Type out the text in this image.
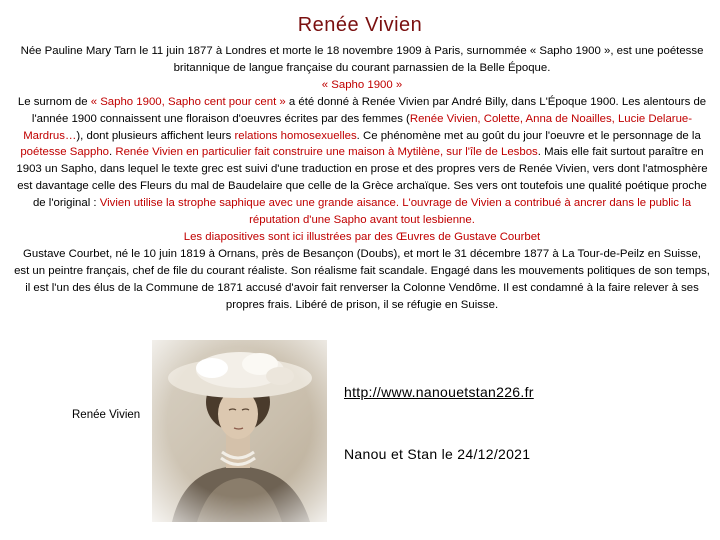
Renée Vivien

Née Pauline Mary Tarn le 11 juin 1877 à Londres et morte le 18 novembre 1909 à Paris, surnommée « Sapho 1900 », est une poétesse britannique de langue française du courant parnassien de la Belle Époque.

« Sapho 1900 »

Le surnom de « Sapho 1900, Sapho cent pour cent » a été donné à Renée Vivien par André Billy, dans L'Époque 1900. Les alentours de l'année 1900 connaissent une floraison d'oeuvres écrites par des femmes (Renée Vivien, Colette, Anna de Noailles, Lucie Delarue-Mardrus…), dont plusieurs affichent leurs relations homosexuelles. Ce phénomène met au goût du jour l'oeuvre et le personnage de la poétesse Sappho. Renée Vivien en particulier fait construire une maison à Mytilène, sur l'île de Lesbos. Mais elle fait surtout paraître en 1903 un Sapho, dans lequel le texte grec est suivi d'une traduction en prose et des propres vers de Renée Vivien, vers dont l'atmosphère est davantage celle des Fleurs du mal de Baudelaire que celle de la Grèce archaïque. Ses vers ont toutefois une qualité poétique proche de l'original : Vivien utilise la strophe saphique avec une grande aisance. L'ouvrage de Vivien a contribué à ancrer dans le public la réputation d'une Sapho avant tout lesbienne.

Les diapositives sont ici illustrées par des Œuvres de Gustave Courbet

Gustave Courbet, né le 10 juin 1819 à Ornans, près de Besançon (Doubs), et mort le 31 décembre 1877 à La Tour-de-Peilz en Suisse, est un peintre français, chef de file du courant réaliste. Son réalisme fait scandale. Engagé dans les mouvements politiques de son temps, il est l'un des élus de la Commune de 1871 accusé d'avoir fait renverser la Colonne Vendôme. Il est condamné à la faire relever à ses propres frais. Libéré de prison, il se réfugie en Suisse.

Renée Vivien
http://www.nanouetstan226.fr
Nanou et Stan le 24/12/2021
